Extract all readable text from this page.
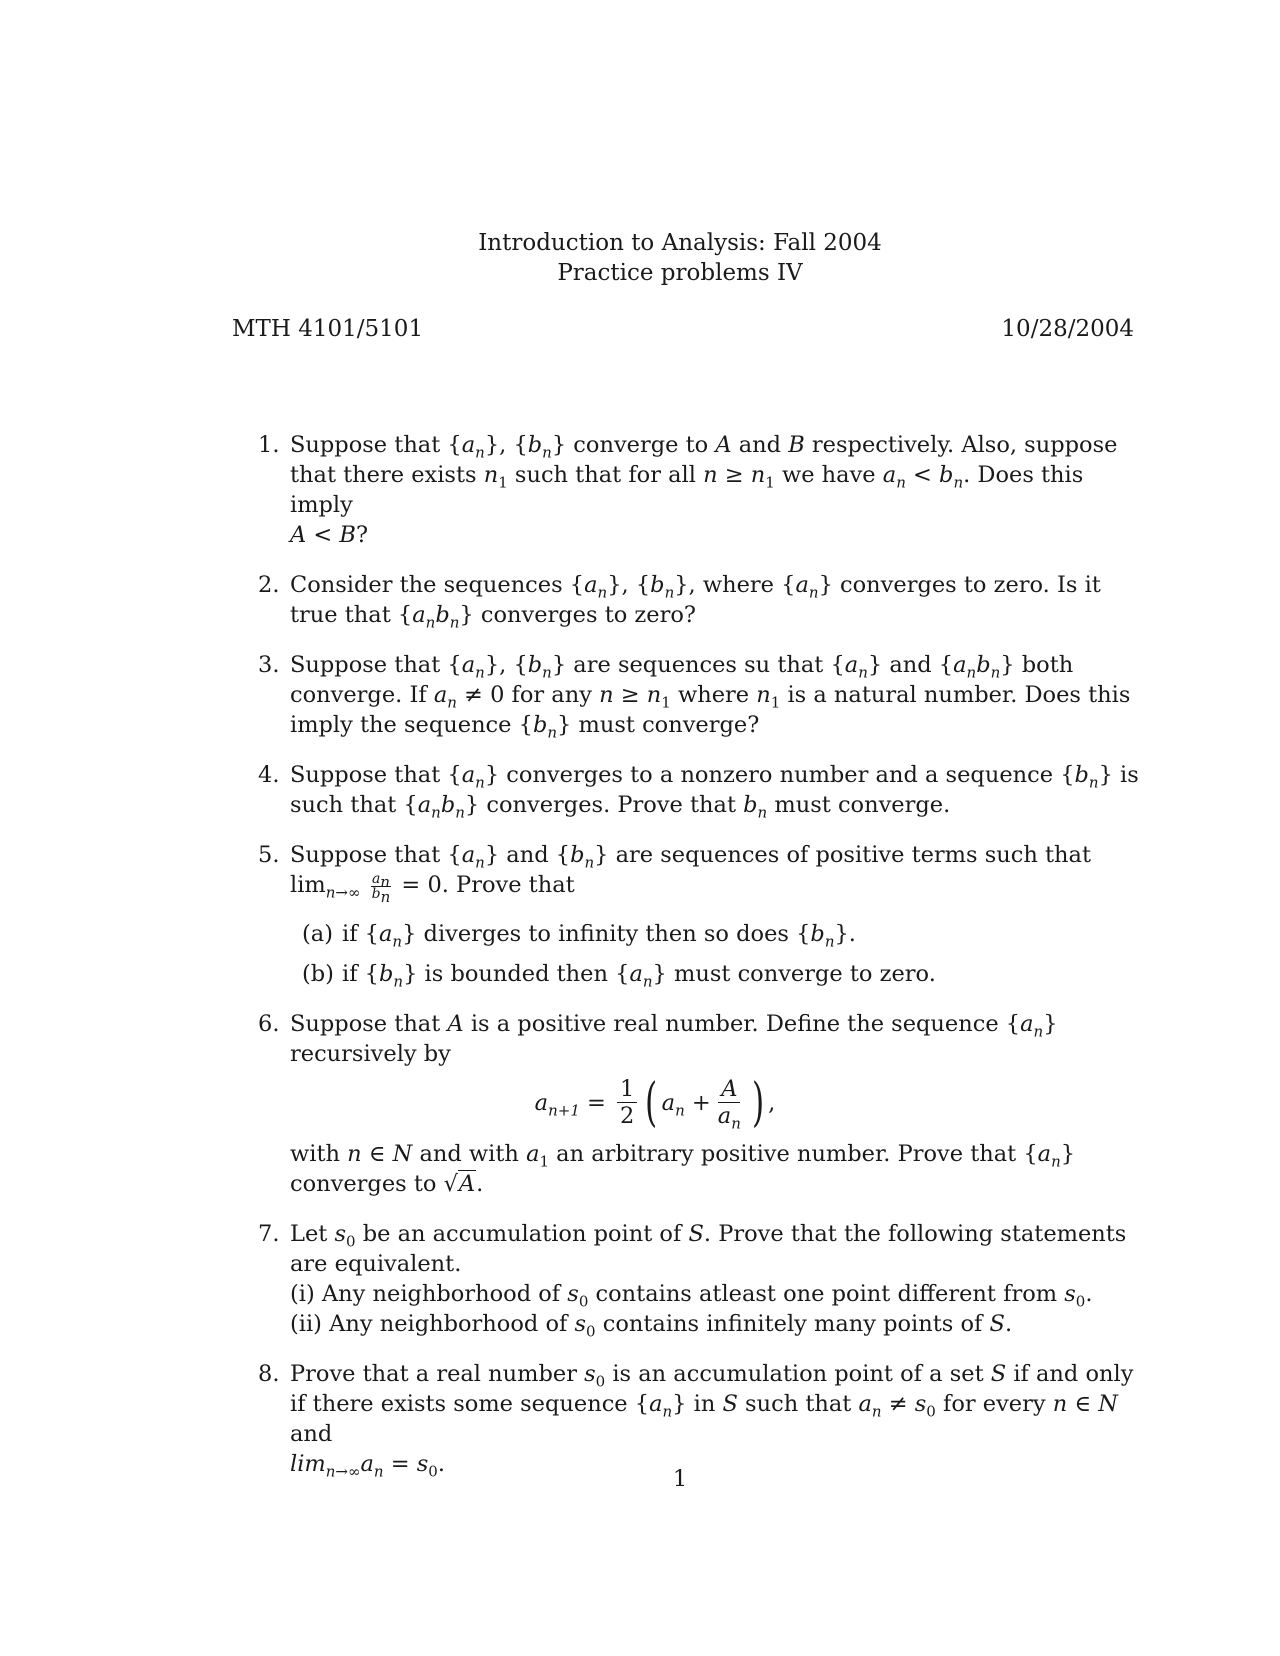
Introduction to Analysis: Fall 2004
Practice problems IV
MTH 4101/5101	10/28/2004
1. Suppose that $\{a_n\}$, $\{b_n\}$ converge to A and B respectively. Also, suppose that there exists $n_1$ such that for all $n \ge n_1$ we have $a_n < b_n$. Does this imply
A < B?
2. Consider the sequences $\{a_n\}$, $\{b_n\}$, where $\{a_n\}$ converges to zero. Is it true that $\{a_nb_n\}$ converges to zero?
3. Suppose that $\{a_n\}$, $\{b_n\}$ are sequences su that $\{a_n\}$ and $\{a_nb_n\}$ both converge. If $a_n \ne 0$ for any $n \ge n_1$ where $n_1$ is a natural number. Does this imply the sequence $\{b_n\}$ must converge?
4. Suppose that $\{a_n\}$ converges to a nonzero number and a sequence $\{b_n\}$ is such that $\{a_nb_n\}$ converges. Prove that $b_n$ must converge.
5. Suppose that $\{a_n\}$ and $\{b_n\}$ are sequences of positive terms such that
$\lim_{n\to\infty} \frac{a_n}{b_n} = 0$. Prove that
(a) if $\{a_n\}$ diverges to infinity then so does $\{b_n\}$.
(b) if $\{b_n\}$ is bounded then $\{a_n\}$ must converge to zero.
6. Suppose that A is a positive real number. Define the sequence $\{a_n\}$
recursively by
$a_{n+1} = \frac{1}{2}$ ( $a_n + \frac{A}{a_n}$ ) ,
with n ∈ N and with $a_1$ an arbitrary positive number. Prove that $\{a_n\}$
converges to √A.
7. Let $s_0$ be an accumulation point of S. Prove that the following statements are equivalent.
(i) Any neighborhood of $s_0$ contains atleast one point different from $s_0$.
(ii) Any neighborhood of $s_0$ contains infinitely many points of S.
8. Prove that a real number $s_0$ is an accumulation point of a set S if and only if there exists some sequence $\{a_n\}$ in S such that $a_n \ne s_0$ for every n ∈ N and
$\lim_{n\to\infty}a_n = s_0$.
1
